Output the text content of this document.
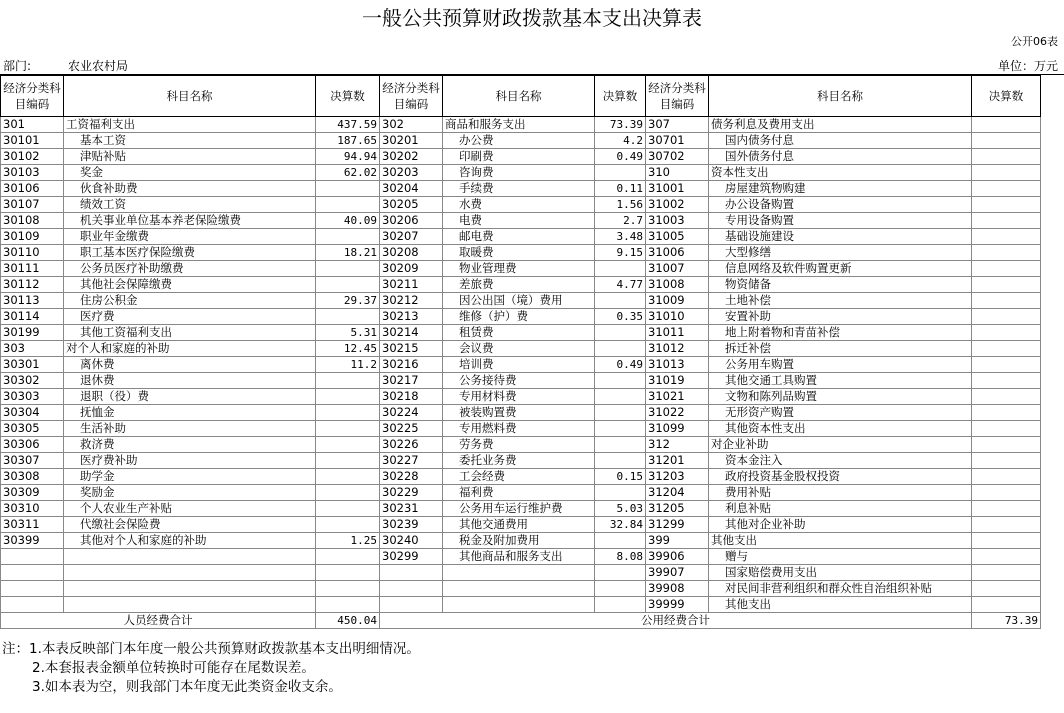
一般公共预算财政拨款基本支出决算表
公开06表
部门:	农业农村局	单位：万元
经济分类科目编码	科目名称	决算数	经济分类科目编码	科目名称	决算数	经济分类科目编码	科目名称	决算数
301	工资福利支出	437.59	302	商品和服务支出	73.39	307	债务利息及费用支出	
30101	基本工资	187.65	30201	办公费	4.2	30701	国内债务付息	
30102	津贴补贴	94.94	30202	印刷费	0.49	30702	国外债务付息	
30103	奖金	62.02	30203	咨询费		310	资本性支出	
30106	伙食补助费		30204	手续费	0.11	31001	房屋建筑物购建	
30107	绩效工资		30205	水费	1.56	31002	办公设备购置	
30108	机关事业单位基本养老保险缴费	40.09	30206	电费	2.7	31003	专用设备购置	
30109	职业年金缴费		30207	邮电费	3.48	31005	基础设施建设	
30110	职工基本医疗保险缴费	18.21	30208	取暖费	9.15	31006	大型修缮	
30111	公务员医疗补助缴费		30209	物业管理费		31007	信息网络及软件购置更新	
30112	其他社会保障缴费		30211	差旅费	4.77	31008	物资储备	
30113	住房公积金	29.37	30212	因公出国（境）费用		31009	土地补偿	
30114	医疗费		30213	维修（护）费	0.35	31010	安置补助	
30199	其他工资福利支出	5.31	30214	租赁费		31011	地上附着物和青苗补偿	
303	对个人和家庭的补助	12.45	30215	会议费		31012	拆迁补偿	
30301	离休费	11.2	30216	培训费	0.49	31013	公务用车购置	
30302	退休费		30217	公务接待费		31019	其他交通工具购置	
30303	退职（役）费		30218	专用材料费		31021	文物和陈列品购置	
30304	抚恤金		30224	被装购置费		31022	无形资产购置	
30305	生活补助		30225	专用燃料费		31099	其他资本性支出	
30306	救济费		30226	劳务费		312	对企业补助	
30307	医疗费补助		30227	委托业务费		31201	资本金注入	
30308	助学金		30228	工会经费	0.15	31203	政府投资基金股权投资	
30309	奖励金		30229	福利费		31204	费用补贴	
30310	个人农业生产补贴		30231	公务用车运行维护费	5.03	31205	利息补贴	
30311	代缴社会保险费		30239	其他交通费用	32.84	31299	其他对企业补助	
30399	其他对个人和家庭的补助	1.25	30240	税金及附加费用		399	其他支出	
			30299	其他商品和服务支出	8.08	39906	赠与	
						39907	国家赔偿费用支出	
						39908	对民间非营利组织和群众性自治组织补贴	
						39999	其他支出	
人员经费合计		450.04	公用经费合计					73.39
注：1.本表反映部门本年度一般公共预算财政拨款基本支出明细情况。
2.本套报表金额单位转换时可能存在尾数误差。
3.如本表为空，则我部门本年度无此类资金收支余。
